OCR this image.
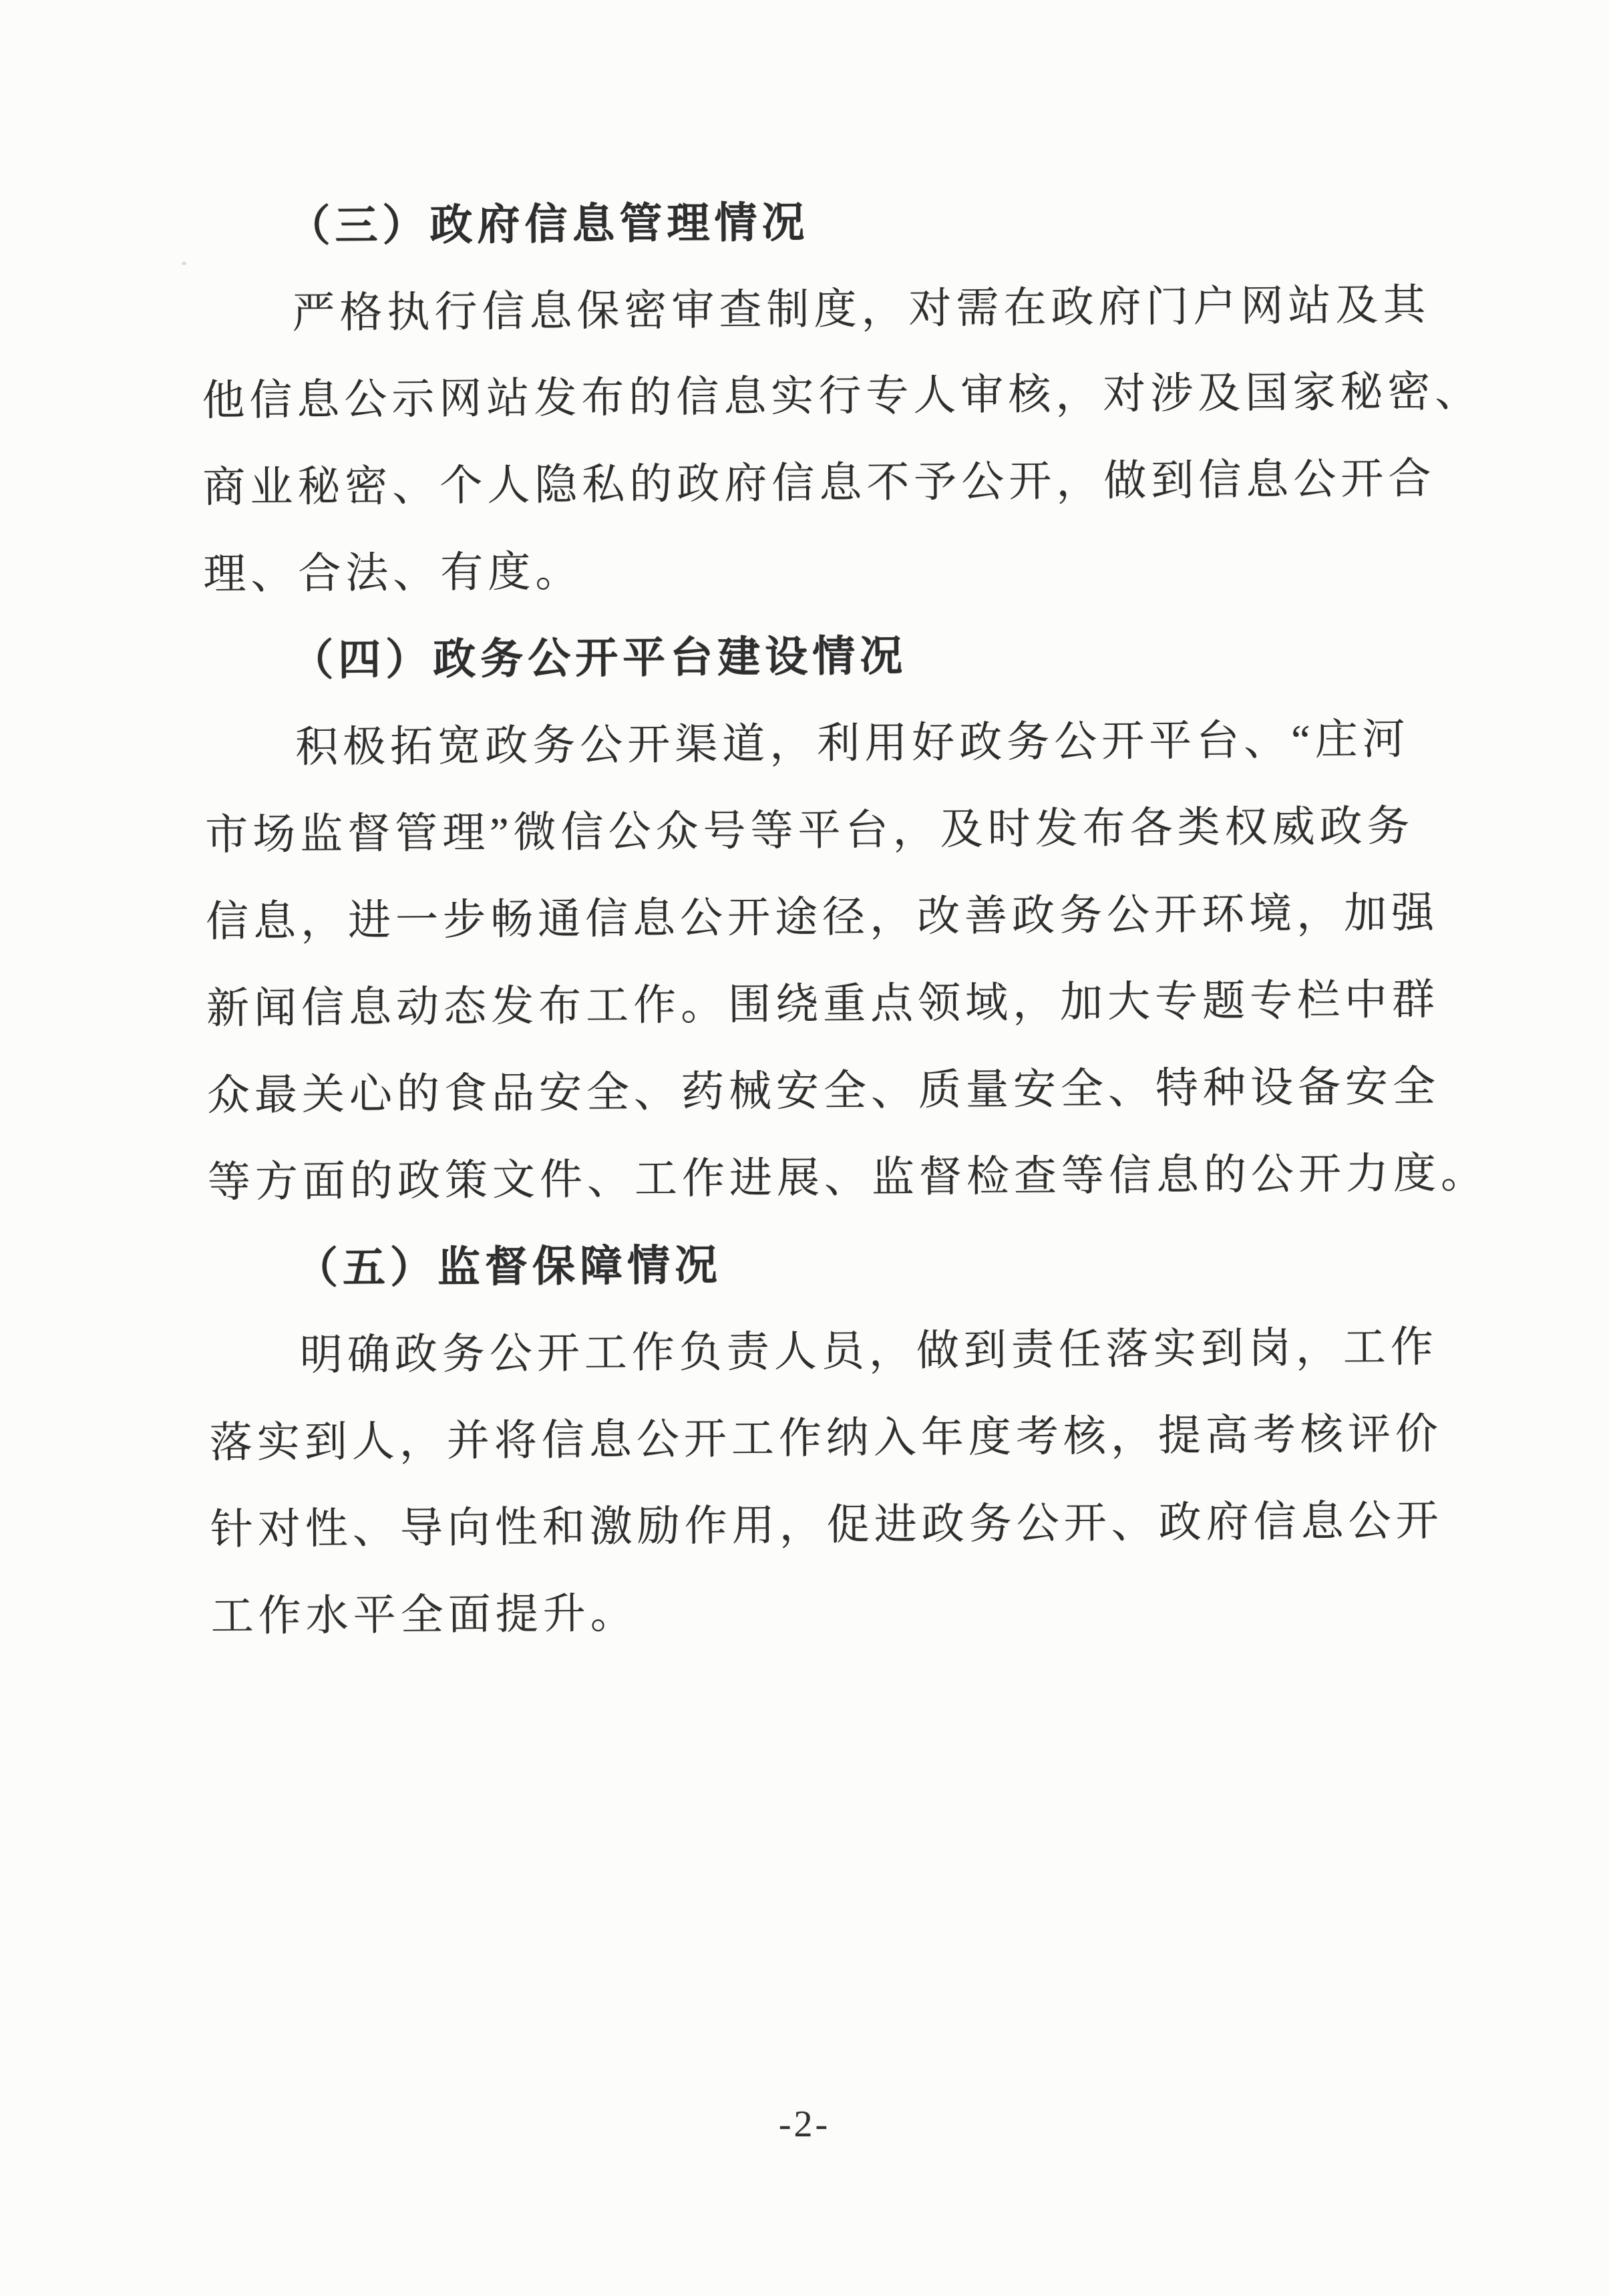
（三）政府信息管理情况
严格执行信息保密审查制度，对需在政府门户网站及其
他信息公示网站发布的信息实行专人审核，对涉及国家秘密、
商业秘密、个人隐私的政府信息不予公开，做到信息公开合
理、合法、有度。
（四）政务公开平台建设情况
积极拓宽政务公开渠道，利用好政务公开平台、“庄河
市场监督管理”微信公众号等平台，及时发布各类权威政务
信息，进一步畅通信息公开途径，改善政务公开环境，加强
新闻信息动态发布工作。围绕重点领域，加大专题专栏中群
众最关心的食品安全、药械安全、质量安全、特种设备安全
等方面的政策文件、工作进展、监督检查等信息的公开力度。
（五）监督保障情况
明确政务公开工作负责人员，做到责任落实到岗，工作
落实到人，并将信息公开工作纳入年度考核，提高考核评价
针对性、导向性和激励作用，促进政务公开、政府信息公开
工作水平全面提升。
-2-
